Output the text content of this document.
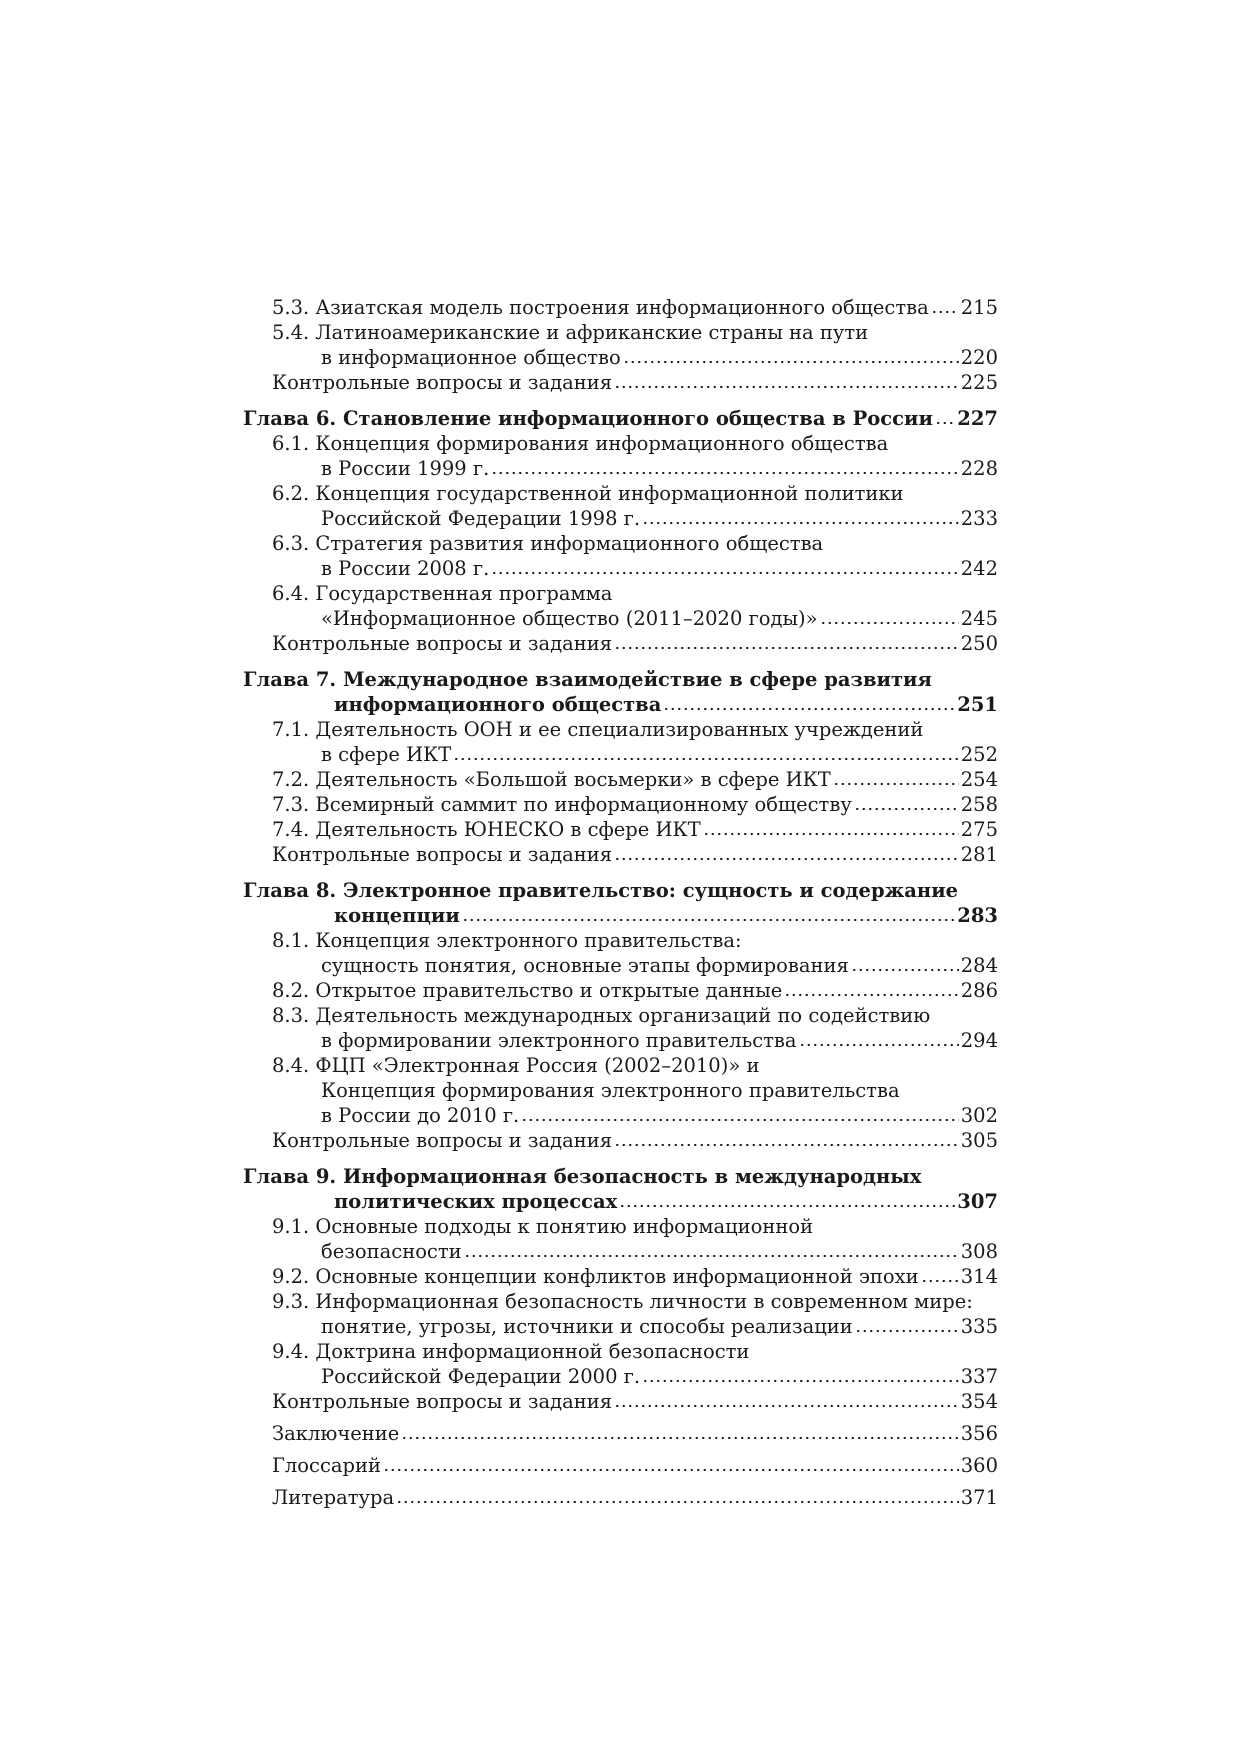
5.3. Азиатская модель построения информационного общества 215
5.4. Латиноамериканские и африканские страны на пути
в информационное общество	220
Контрольные вопросы и задания	225
Глава 6. Становление информационного общества в России 227
6.1. Концепция формирования информационного общества
в России 1999 г.	228
6.2. Концепция государственной информационной политики
Российской Федерации 1998 г.	233
6.3. Стратегия развития информационного общества
в России 2008 г.	242
6.4. Государственная программа
«Информационное общество (2011–2020 годы)»	245
Контрольные вопросы и задания	250
Глава 7. Международное взаимодействие в сфере развития
информационного общества	251
7.1. Деятельность ООН и ее специализированных учреждений
в сфере ИКТ	252
7.2. Деятельность «Большой восьмерки» в сфере ИКТ	254
7.3. Всемирный саммит по информационному обществу	258
7.4. Деятельность ЮНЕСКО в сфере ИКТ	275
Контрольные вопросы и задания	281
Глава 8. Электронное правительство: сущность и содержание
концепции	283
8.1. Концепция электронного правительства:
сущность понятия, основные этапы формирования	284
8.2. Открытое правительство и открытые данные	286
8.3. Деятельность международных организаций по содействию
в формировании электронного правительства	294
8.4. ФЦП «Электронная Россия (2002–2010)» и
Концепция формирования электронного правительства
в России до 2010 г.	302
Контрольные вопросы и задания	305
Глава 9. Информационная безопасность в международных
политических процессах	307
9.1. Основные подходы к понятию информационной
безопасности	308
9.2. Основные концепции конфликтов информационной эпохи 314
9.3. Информационная безопасность личности в современном мире:
понятие, угрозы, источники и способы реализации	335
9.4. Доктрина информационной безопасности
Российской Федерации 2000 г.	337
Контрольные вопросы и задания	354
Заключение	356
Глоссарий	360
Литература	371
